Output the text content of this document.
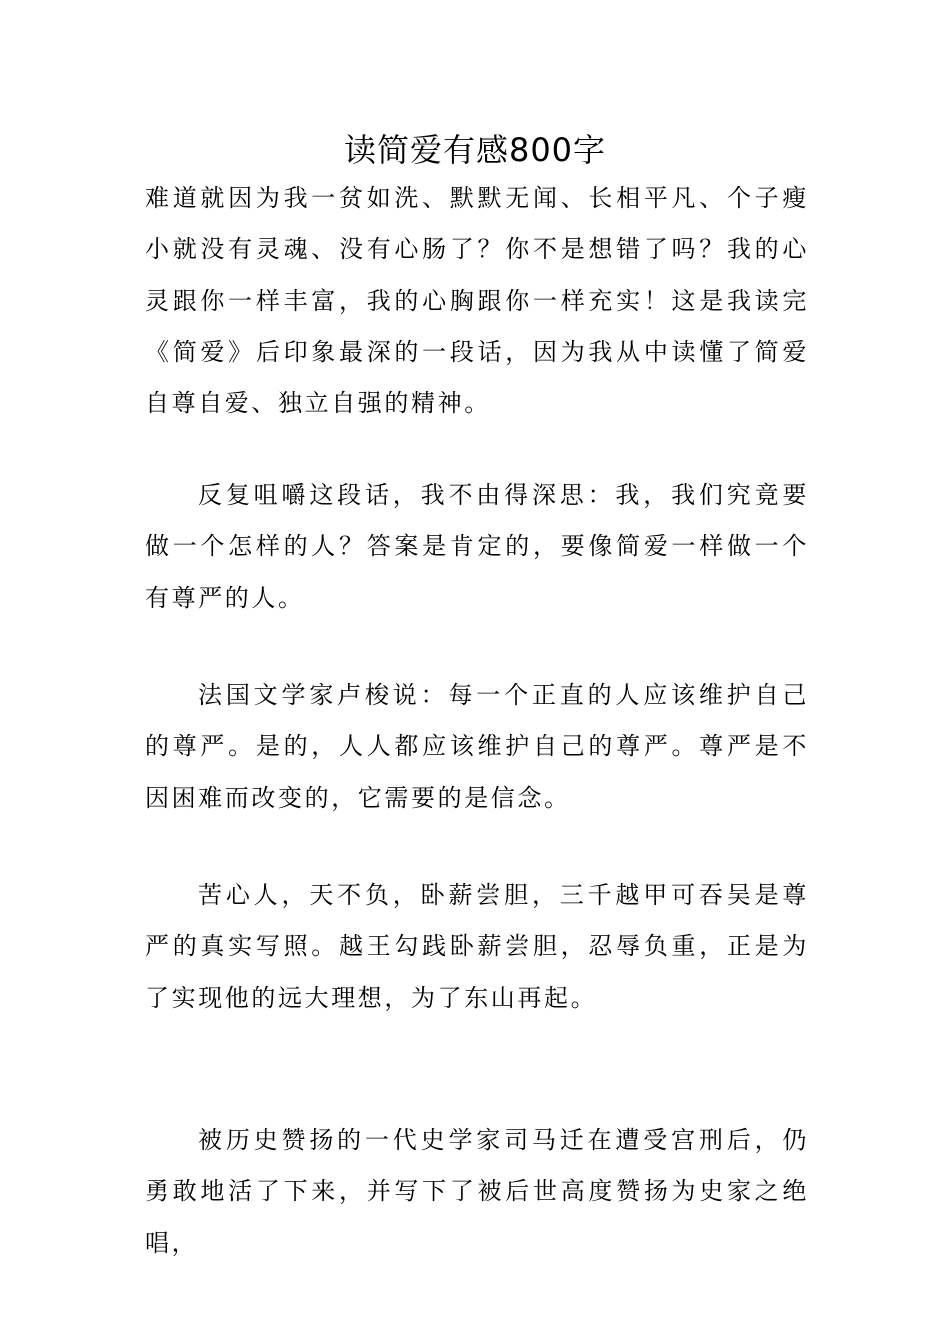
读简爱有感800字

难道就因为我一贫如洗、默默无闻、长相平凡、个子瘦小就没有灵魂、没有心肠了？你不是想错了吗？我的心灵跟你一样丰富，我的心胸跟你一样充实！这是我读完《简爱》后印象最深的一段话，因为我从中读懂了简爱自尊自爱、独立自强的精神。

反复咀嚼这段话，我不由得深思：我，我们究竟要做一个怎样的人？答案是肯定的，要像简爱一样做一个有尊严的人。

法国文学家卢梭说：每一个正直的人应该维护自己的尊严。是的，人人都应该维护自己的尊严。尊严是不因困难而改变的，它需要的是信念。

苦心人，天不负，卧薪尝胆，三千越甲可吞吴是尊严的真实写照。越王勾践卧薪尝胆，忍辱负重，正是为了实现他的远大理想，为了东山再起。

被历史赞扬的一代史学家司马迁在遭受宫刑后，仍勇敢地活了下来，并写下了被后世高度赞扬为史家之绝唱，
